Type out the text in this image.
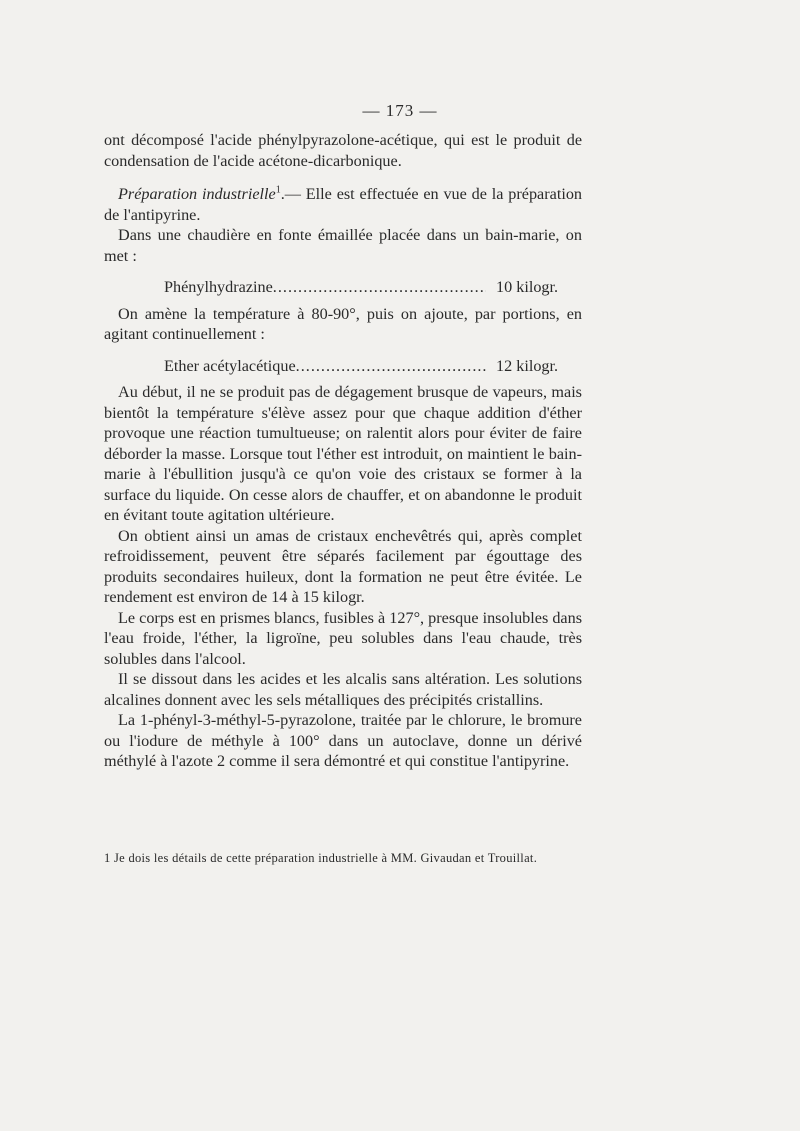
— 173 —

ont décomposé l'acide phénylpyrazolone-acétique, qui est le produit de condensation de l'acide acétone-dicarbonique.

Préparation industrielle$^1$.— Elle est effectuée en vue de la préparation de l'antipyrine.

Dans une chaudière en fonte émaillée placée dans un bain-marie, on met :

Phénylhydrazine .....	10 kilogr.

On amène la température à 80-90°, puis on ajoute, par portions, en agitant continuellement :

Ether acétylacétique .....	12 kilogr.

Au début, il ne se produit pas de dégagement brusque de vapeurs, mais bientôt la température s'élève assez pour que chaque addition d'éther provoque une réaction tumultueuse; on ralentit alors pour éviter de faire déborder la masse. Lorsque tout l'éther est introduit, on maintient le bain-marie à l'ébullition jusqu'à ce qu'on voie des cristaux se former à la surface du liquide. On cesse alors de chauffer, et on abandonne le produit en évitant toute agitation ultérieure.

On obtient ainsi un amas de cristaux enchevêtrés qui, après complet refroidissement, peuvent être séparés facilement par égouttage des produits secondaires huileux, dont la formation ne peut être évitée. Le rendement est environ de 14 à 15 kilogr.

Le corps est en prismes blancs, fusibles à 127°, presque insolubles dans l'eau froide, l'éther, la ligroïne, peu solubles dans l'eau chaude, très solubles dans l'alcool.

Il se dissout dans les acides et les alcalis sans altération. Les solutions alcalines donnent avec les sels métalliques des précipités cristallins.

La 1-phényl-3-méthyl-5-pyrazolone, traitée par le chlorure, le bromure ou l'iodure de méthyle à 100° dans un autoclave, donne un dérivé méthylé à l'azote 2 comme il sera démontré et qui constitue l'antipyrine.

1 Je dois les détails de cette préparation industrielle à MM. Givaudan et Trouillat.
